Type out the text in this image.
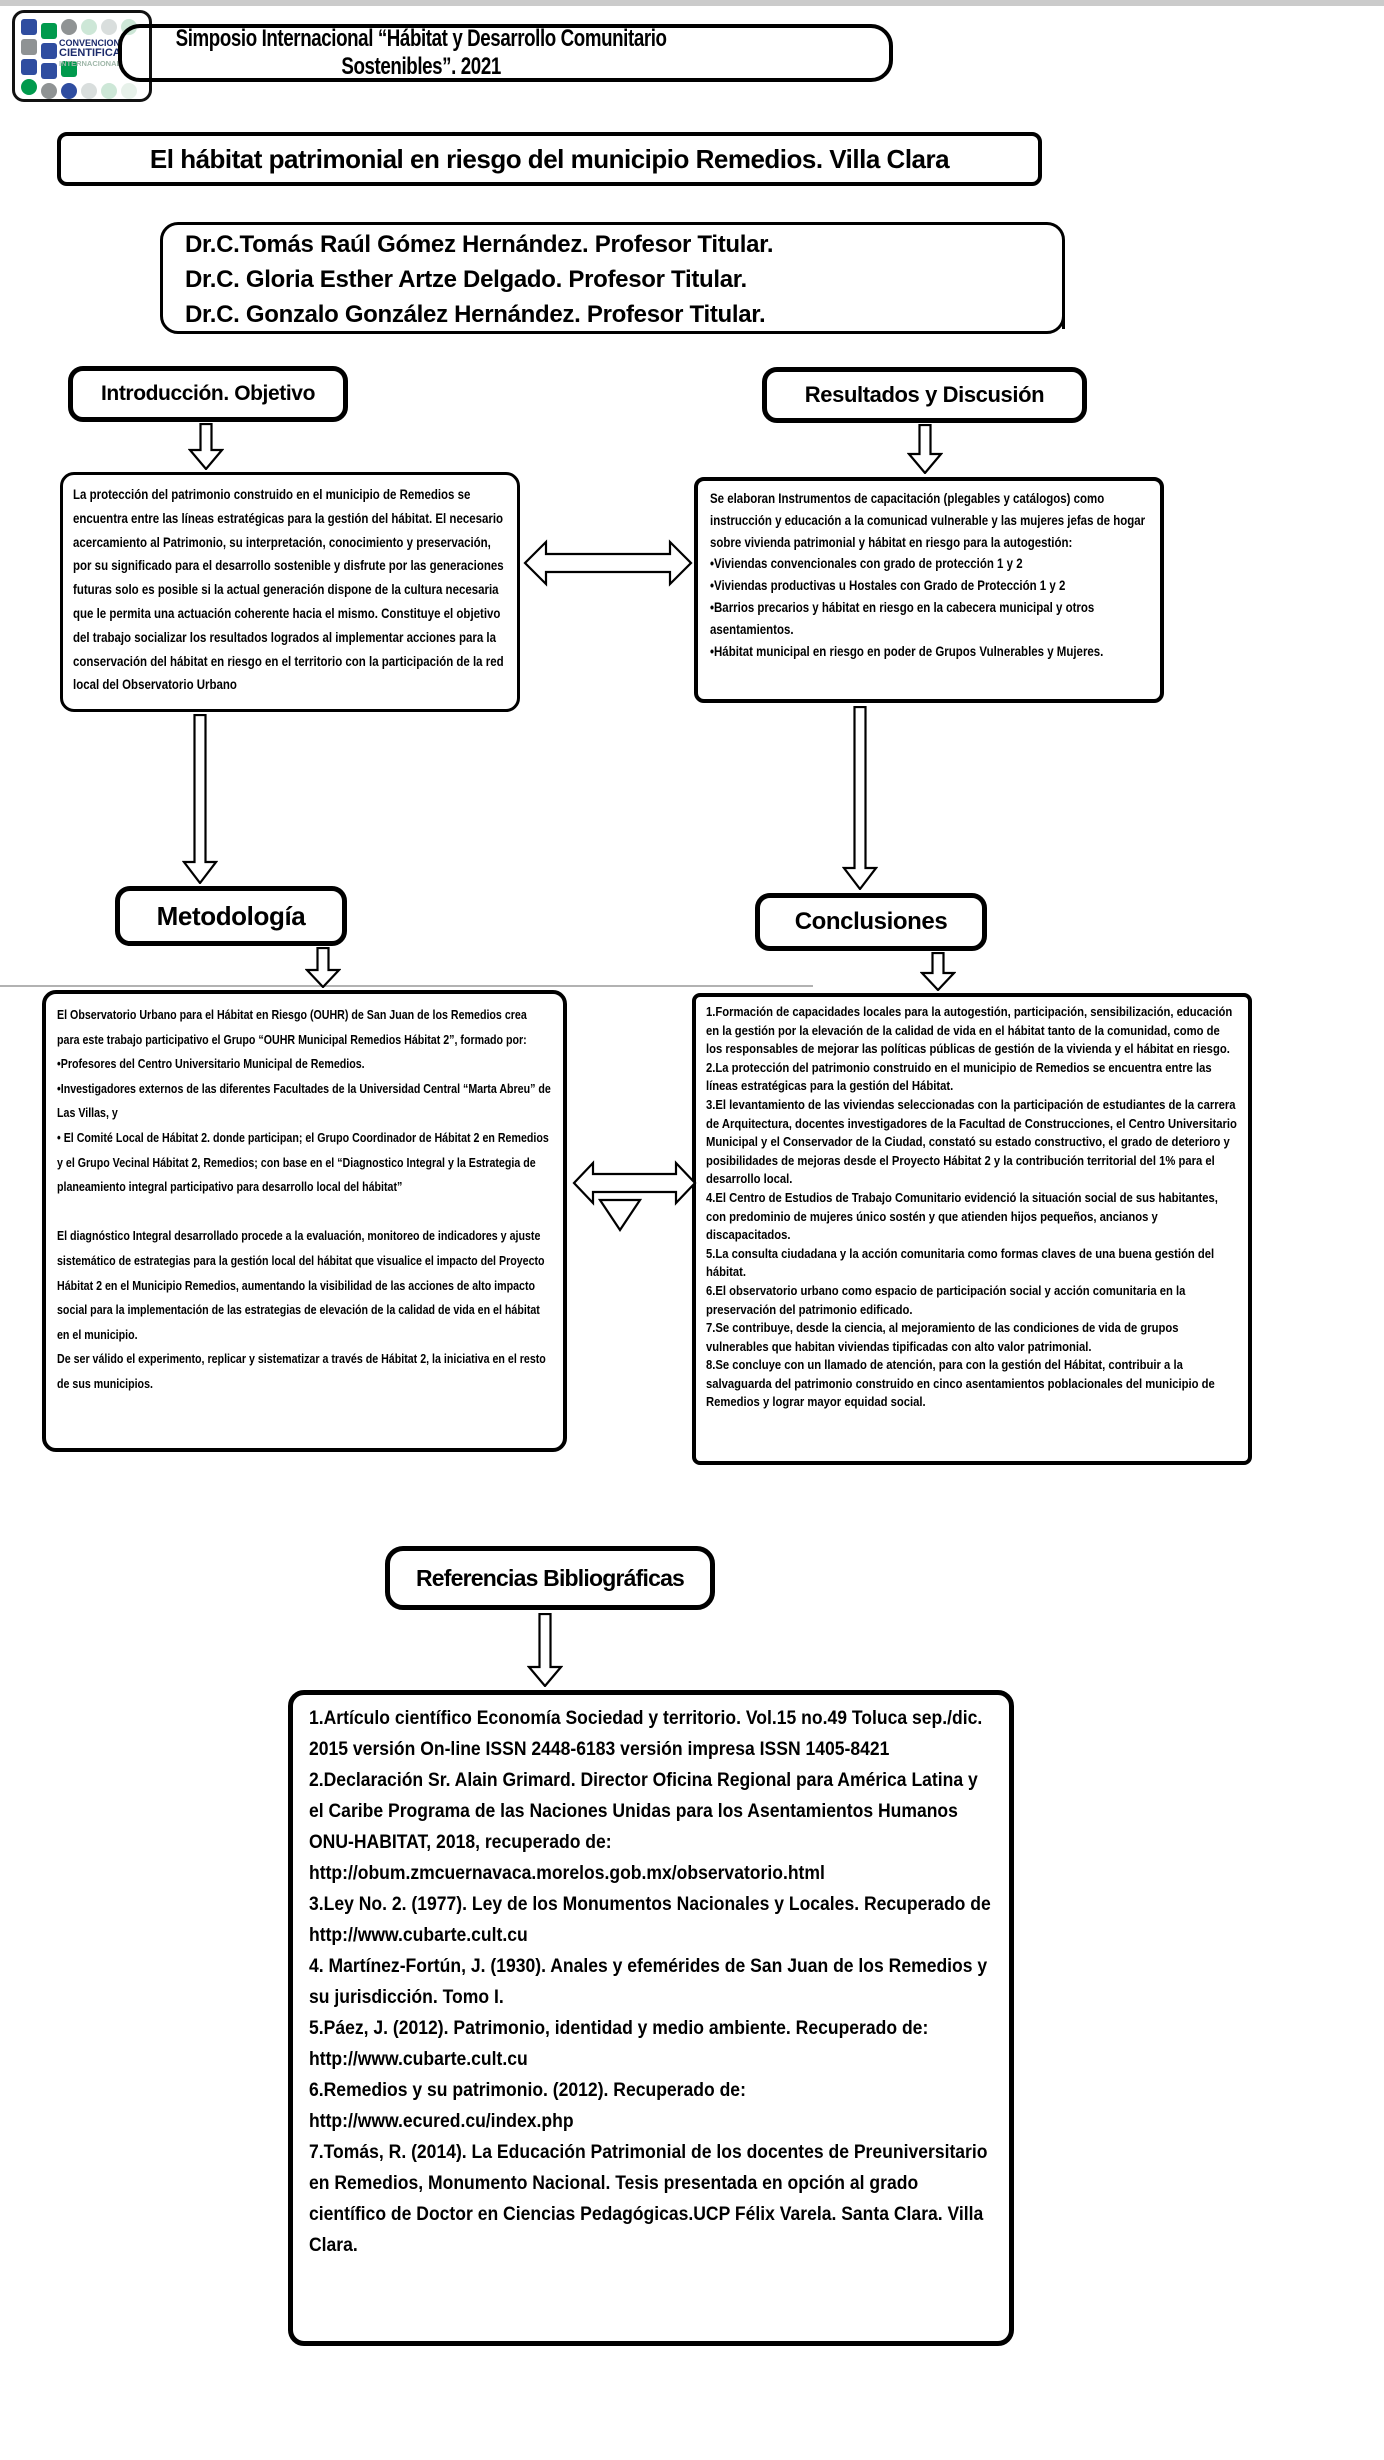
CONVENCION
CIENTIFICA
INTERNACIONAL
Simposio Internacional “Hábitat y Desarrollo Comunitario Sostenibles”. 2021
El hábitat patrimonial en riesgo del municipio Remedios. Villa Clara
Dr.C.Tomás Raúl Gómez Hernández. Profesor Titular.
Dr.C. Gloria Esther Artze Delgado. Profesor Titular.
Dr.C. Gonzalo González Hernández. Profesor Titular.
Introducción. Objetivo	Resultados y Discusión
La protección del patrimonio construido en el municipio de Remedios se encuentra entre las líneas estratégicas para la gestión del hábitat. El necesario acercamiento al Patrimonio, su interpretación, conocimiento y preservación, por su significado para el desarrollo sostenible y disfrute por las generaciones futuras solo es posible si la actual generación dispone de la cultura necesaria que le permita una actuación coherente hacia el mismo. Constituye el objetivo del trabajo socializar los resultados logrados al implementar acciones para la conservación del hábitat en riesgo en el territorio con la participación de la red local del Observatorio Urbano
Se elaboran Instrumentos de capacitación (plegables y catálogos) como instrucción y educación a la comunicad vulnerable y las mujeres jefas de hogar sobre vivienda patrimonial y hábitat en riesgo para la autogestión:
•Viviendas convencionales con grado de protección 1 y 2
•Viviendas productivas u Hostales con Grado de Protección 1 y 2
•Barrios precarios y hábitat en riesgo en la cabecera municipal y otros asentamientos.
•Hábitat municipal en riesgo en poder de Grupos Vulnerables y Mujeres.
Metodología	Conclusiones
El Observatorio Urbano para el Hábitat en Riesgo (OUHR) de San Juan de los Remedios crea para este trabajo participativo el Grupo “OUHR Municipal Remedios Hábitat 2”, formado por:
•Profesores del Centro Universitario Municipal de Remedios.
•Investigadores externos de las diferentes Facultades de la Universidad Central “Marta Abreu” de Las Villas, y
• El Comité Local de Hábitat 2. donde participan; el Grupo Coordinador de Hábitat 2 en Remedios y el Grupo Vecinal Hábitat 2, Remedios; con base en el “Diagnostico Integral y la Estrategia de planeamiento integral participativo para desarrollo local del hábitat”
El diagnóstico Integral desarrollado procede a la evaluación, monitoreo de indicadores y ajuste sistemático de estrategias para la gestión local del hábitat que visualice el impacto del Proyecto Hábitat 2 en el Municipio Remedios, aumentando la visibilidad de las acciones de alto impacto social para la implementación de las estrategias de elevación de la calidad de vida en el hábitat en el municipio.
De ser válido el experimento, replicar y sistematizar a través de Hábitat 2, la iniciativa en el resto de sus municipios.
1.Formación de capacidades locales para la autogestión, participación, sensibilización, educación en la gestión por la elevación de la calidad de vida en el hábitat tanto de la comunidad, como de los responsables de mejorar las políticas públicas de gestión de la vivienda y el hábitat en riesgo.
2.La protección del patrimonio construido en el municipio de Remedios se encuentra entre las líneas estratégicas para la gestión del Hábitat.
3.El levantamiento de las viviendas seleccionadas con la participación de estudiantes de la carrera de Arquitectura, docentes investigadores de la Facultad de Construcciones, el Centro Universitario Municipal y el Conservador de la Ciudad, constató su estado constructivo, el grado de deterioro y posibilidades de mejoras desde el Proyecto Hábitat 2 y la contribución territorial del 1% para el desarrollo local.
4.El Centro de Estudios de Trabajo Comunitario evidenció la situación social de sus habitantes, con predominio de mujeres único sostén y que atienden hijos pequeños, ancianos y discapacitados.
5.La consulta ciudadana y la acción comunitaria como formas claves de una buena gestión del hábitat.
6.El observatorio urbano como espacio de participación social y acción comunitaria en la preservación del patrimonio edificado.
7.Se contribuye, desde la ciencia, al mejoramiento de las condiciones de vida de grupos vulnerables que habitan viviendas tipificadas con alto valor patrimonial.
8.Se concluye con un llamado de atención, para con la gestión del Hábitat, contribuir a la salvaguarda del patrimonio construido en cinco asentamientos poblacionales del municipio de Remedios y lograr mayor equidad social.
Referencias Bibliográficas
1.Artículo científico Economía Sociedad y territorio. Vol.15 no.49 Toluca sep./dic. 2015 versión On-line ISSN 2448-6183 versión impresa ISSN 1405-8421
2.Declaración Sr. Alain Grimard. Director Oficina Regional para América Latina y el Caribe Programa de las Naciones Unidas para los Asentamientos Humanos
ONU-HABITAT, 2018, recuperado de:
http://obum.zmcuernavaca.morelos.gob.mx/observatorio.html
3.Ley No. 2. (1977). Ley de los Monumentos Nacionales y Locales. Recuperado de http://www.cubarte.cult.cu
4. Martínez-Fortún, J. (1930). Anales y efemérides de San Juan de los Remedios y su jurisdicción. Tomo I.
5.Páez, J. (2012). Patrimonio, identidad y medio ambiente. Recuperado de: http://www.cubarte.cult.cu
6.Remedios y su patrimonio. (2012). Recuperado de:
http://www.ecured.cu/index.php
7.Tomás, R. (2014). La Educación Patrimonial de los docentes de Preuniversitario en Remedios, Monumento Nacional. Tesis presentada en opción al grado científico de Doctor en Ciencias Pedagógicas.UCP Félix Varela. Santa Clara. Villa Clara.
